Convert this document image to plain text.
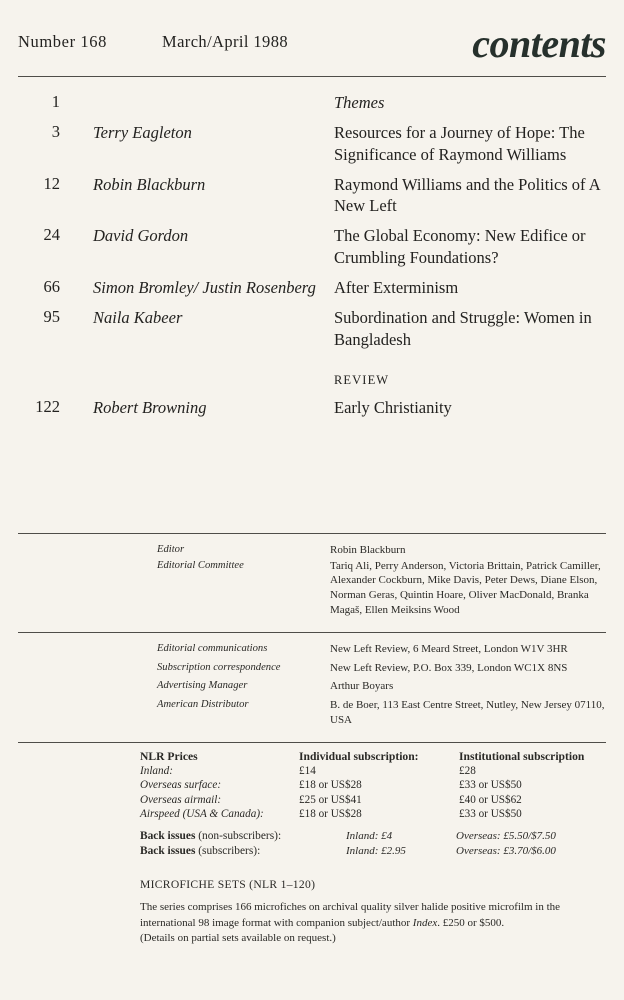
Number 168	March/April 1988	contents
1	Themes
3 Terry Eagleton	Resources for a Journey of Hope: The Significance of Raymond Williams
12 Robin Blackburn	Raymond Williams and the Politics of A New Left
24 David Gordon	The Global Economy: New Edifice or Crumbling Foundations?
66 Simon Bromley/ Justin Rosenberg	After Exterminism
95 Naila Kabeer	Subordination and Struggle: Women in Bangladesh
REVIEW
122 Robert Browning	Early Christianity
Editor	Robin Blackburn
Editorial Committee	Tariq Ali, Perry Anderson, Victoria Brittain, Patrick Camiller, Alexander Cockburn, Mike Davis, Peter Dews, Diane Elson, Norman Geras, Quintin Hoare, Oliver MacDonald, Branka Magaš, Ellen Meiksins Wood
Editorial communications	New Left Review, 6 Meard Street, London W1V 3HR
Subscription correspondence	New Left Review, P.O. Box 339, London WC1X 8NS
Advertising Manager	Arthur Boyars
American Distributor	B. de Boer, 113 East Centre Street, Nutley, New Jersey 07110, USA
NLR Prices	Individual subscription:	Institutional subscription
Inland:	£14	£28
Overseas surface:	£18 or US$28	£33 or US$50
Overseas airmail:	£25 or US$41	£40 or US$62
Airspeed (USA & Canada):	£18 or US$28	£33 or US$50
Back issues (non-subscribers):	Inland: £4	Overseas: £5.50/$7.50
Back issues (subscribers):	Inland: £2.95	Overseas: £3.70/$6.00
MICROFICHE SETS (NLR 1–120)
The series comprises 166 microfiches on archival quality silver halide positive microfilm in the international 98 image format with companion subject/author Index. £250 or $500.
(Details on partial sets available on request.)
